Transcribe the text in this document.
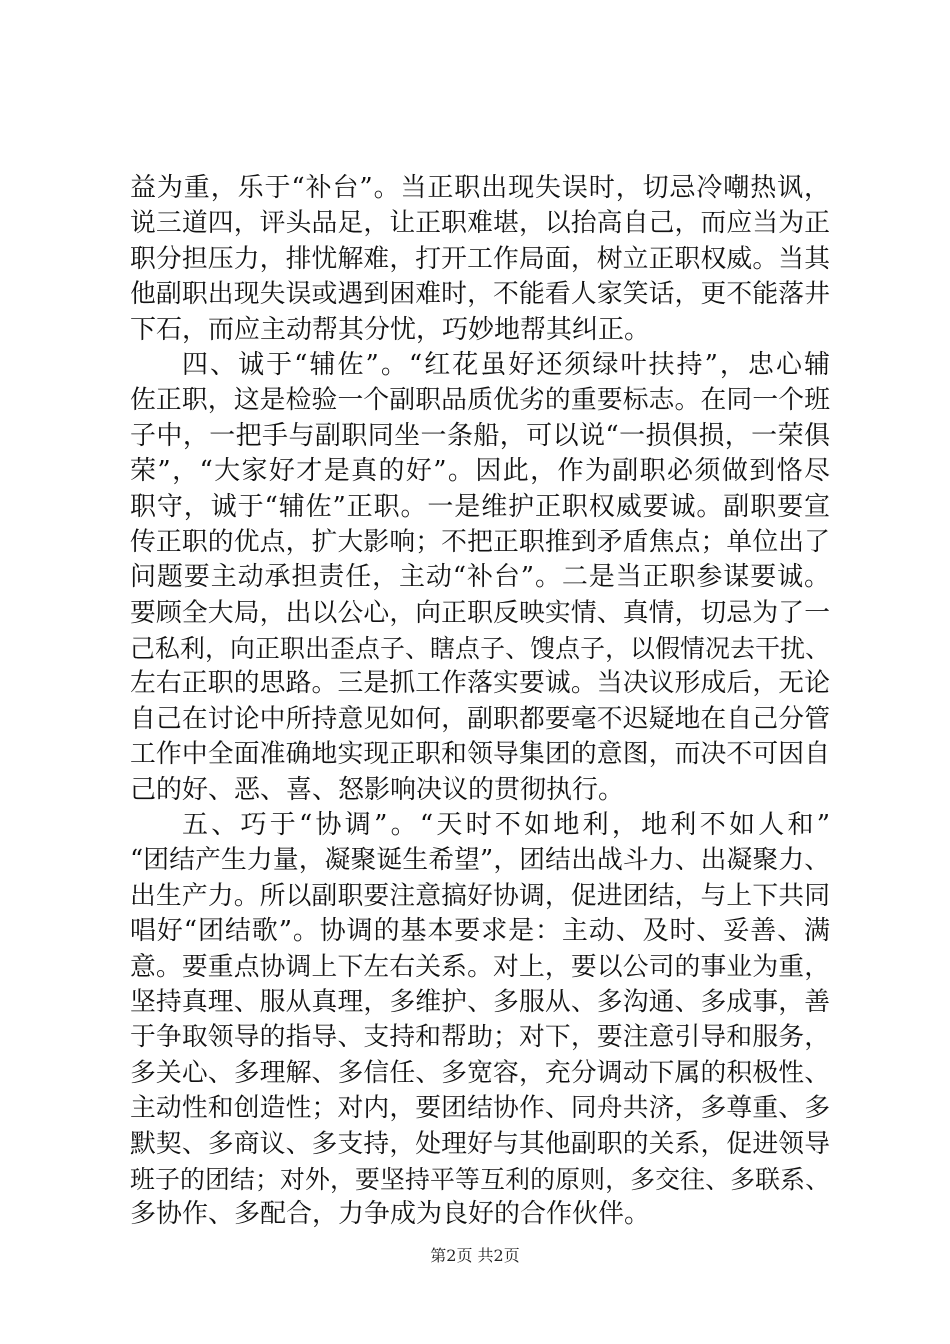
益为重，乐于“补台”。当正职出现失误时，切忌冷嘲热讽，
说三道四，评头品足，让正职难堪，以抬高自己，而应当为正
职分担压力，排忧解难，打开工作局面，树立正职权威。当其
他副职出现失误或遇到困难时，不能看人家笑话，更不能落井
下石，而应主动帮其分忧，巧妙地帮其纠正。
四、诚于“辅佐”。“红花虽好还须绿叶扶持”，忠心辅
佐正职，这是检验一个副职品质优劣的重要标志。在同一个班
子中，一把手与副职同坐一条船，可以说“一损俱损，一荣俱
荣”，“大家好才是真的好”。因此，作为副职必须做到恪尽
职守，诚于“辅佐”正职。一是维护正职权威要诚。副职要宣
传正职的优点，扩大影响；不把正职推到矛盾焦点；单位出了
问题要主动承担责任，主动“补台”。二是当正职参谋要诚。
要顾全大局，出以公心，向正职反映实情、真情，切忌为了一
己私利，向正职出歪点子、瞎点子、馊点子，以假情况去干扰、
左右正职的思路。三是抓工作落实要诚。当决议形成后，无论
自己在讨论中所持意见如何，副职都要毫不迟疑地在自己分管
工作中全面准确地实现正职和领导集团的意图，而决不可因自
己的好、恶、喜、怒影响决议的贯彻执行。
五、巧于“协调”。“天时不如地利，地利不如人和”
“团结产生力量，凝聚诞生希望”，团结出战斗力、出凝聚力、
出生产力。所以副职要注意搞好协调，促进团结，与上下共同
唱好“团结歌”。协调的基本要求是：主动、及时、妥善、满
意。要重点协调上下左右关系。对上，要以公司的事业为重，
坚持真理、服从真理，多维护、多服从、多沟通、多成事，善
于争取领导的指导、支持和帮助；对下，要注意引导和服务，
多关心、多理解、多信任、多宽容，充分调动下属的积极性、
主动性和创造性；对内，要团结协作、同舟共济，多尊重、多
默契、多商议、多支持，处理好与其他副职的关系，促进领导
班子的团结；对外，要坚持平等互利的原则，多交往、多联系、
多协作、多配合，力争成为良好的合作伙伴。
第2页 共2页
